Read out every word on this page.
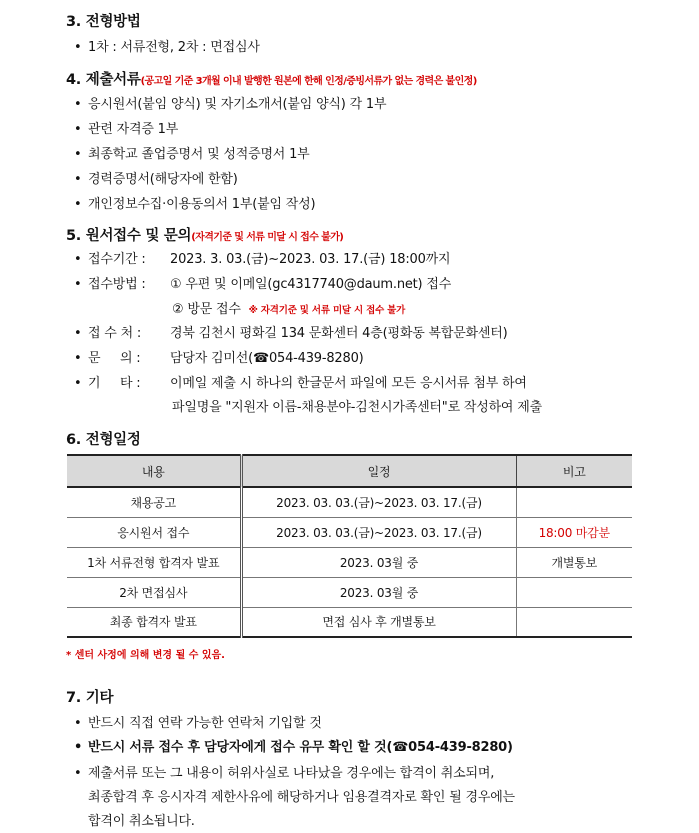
3. 전형방법
• 1차 : 서류전형, 2차 : 면접심사
4. 제출서류(공고일 기준 3개월 이내 발행한 원본에 한해 인정/증빙서류가 없는 경력은 불인정)
• 응시원서(붙임 양식) 및 자기소개서(붙임 양식) 각 1부
• 관련 자격증 1부
• 최종학교 졸업증명서 및 성적증명서 1부
• 경력증명서(해당자에 한함)
• 개인정보수집·이용동의서 1부(붙임 작성)
5. 원서접수 및 문의(자격기준 및 서류 미달 시 접수 불가)
• 접수기간 : 2023. 3. 03.(금)~2023. 03. 17.(금) 18:00까지
• 접수방법 : ① 우편 및 이메일(gc4317740@daum.net) 접수
② 방문 접수 ※ 자격기준 및 서류 미달 시 접수 불가
• 접 수 처 : 경북 김천시 평화길 134 문화센터 4층(평화동 복합문화센터)
• 문     의 : 담당자 김미선(☎054-439-8280)
• 기     타 : 이메일 제출 시 하나의 한글문서 파일에 모든 응시서류 첨부 하여
파일명을 "지원자 이름-채용분야-김천시가족센터"로 작성하여 제출
6. 전형일정
내용	일정	비고
채용공고	2023. 03. 03.(금)~2023. 03. 17.(금)	
응시원서 접수	2023. 03. 03.(금)~2023. 03. 17.(금)	18:00 마감분
1차 서류전형 합격자 발표	2023. 03월 중	개별통보
2차 면접심사	2023. 03월 중	
최종 합격자 발표	면접 심사 후 개별통보	
* 센터 사정에 의해 변경 될 수 있음.
7. 기타
• 반드시 직접 연락 가능한 연락처 기입할 것
• 반드시 서류 접수 후 담당자에게 접수 유무 확인 할 것(☎054-439-8280)
• 제출서류 또는 그 내용이 허위사실로 나타났을 경우에는 합격이 취소되며,
최종합격 후 응시자격 제한사유에 해당하거나 임용결격자로 확인 될 경우에는
합격이 취소됩니다.
